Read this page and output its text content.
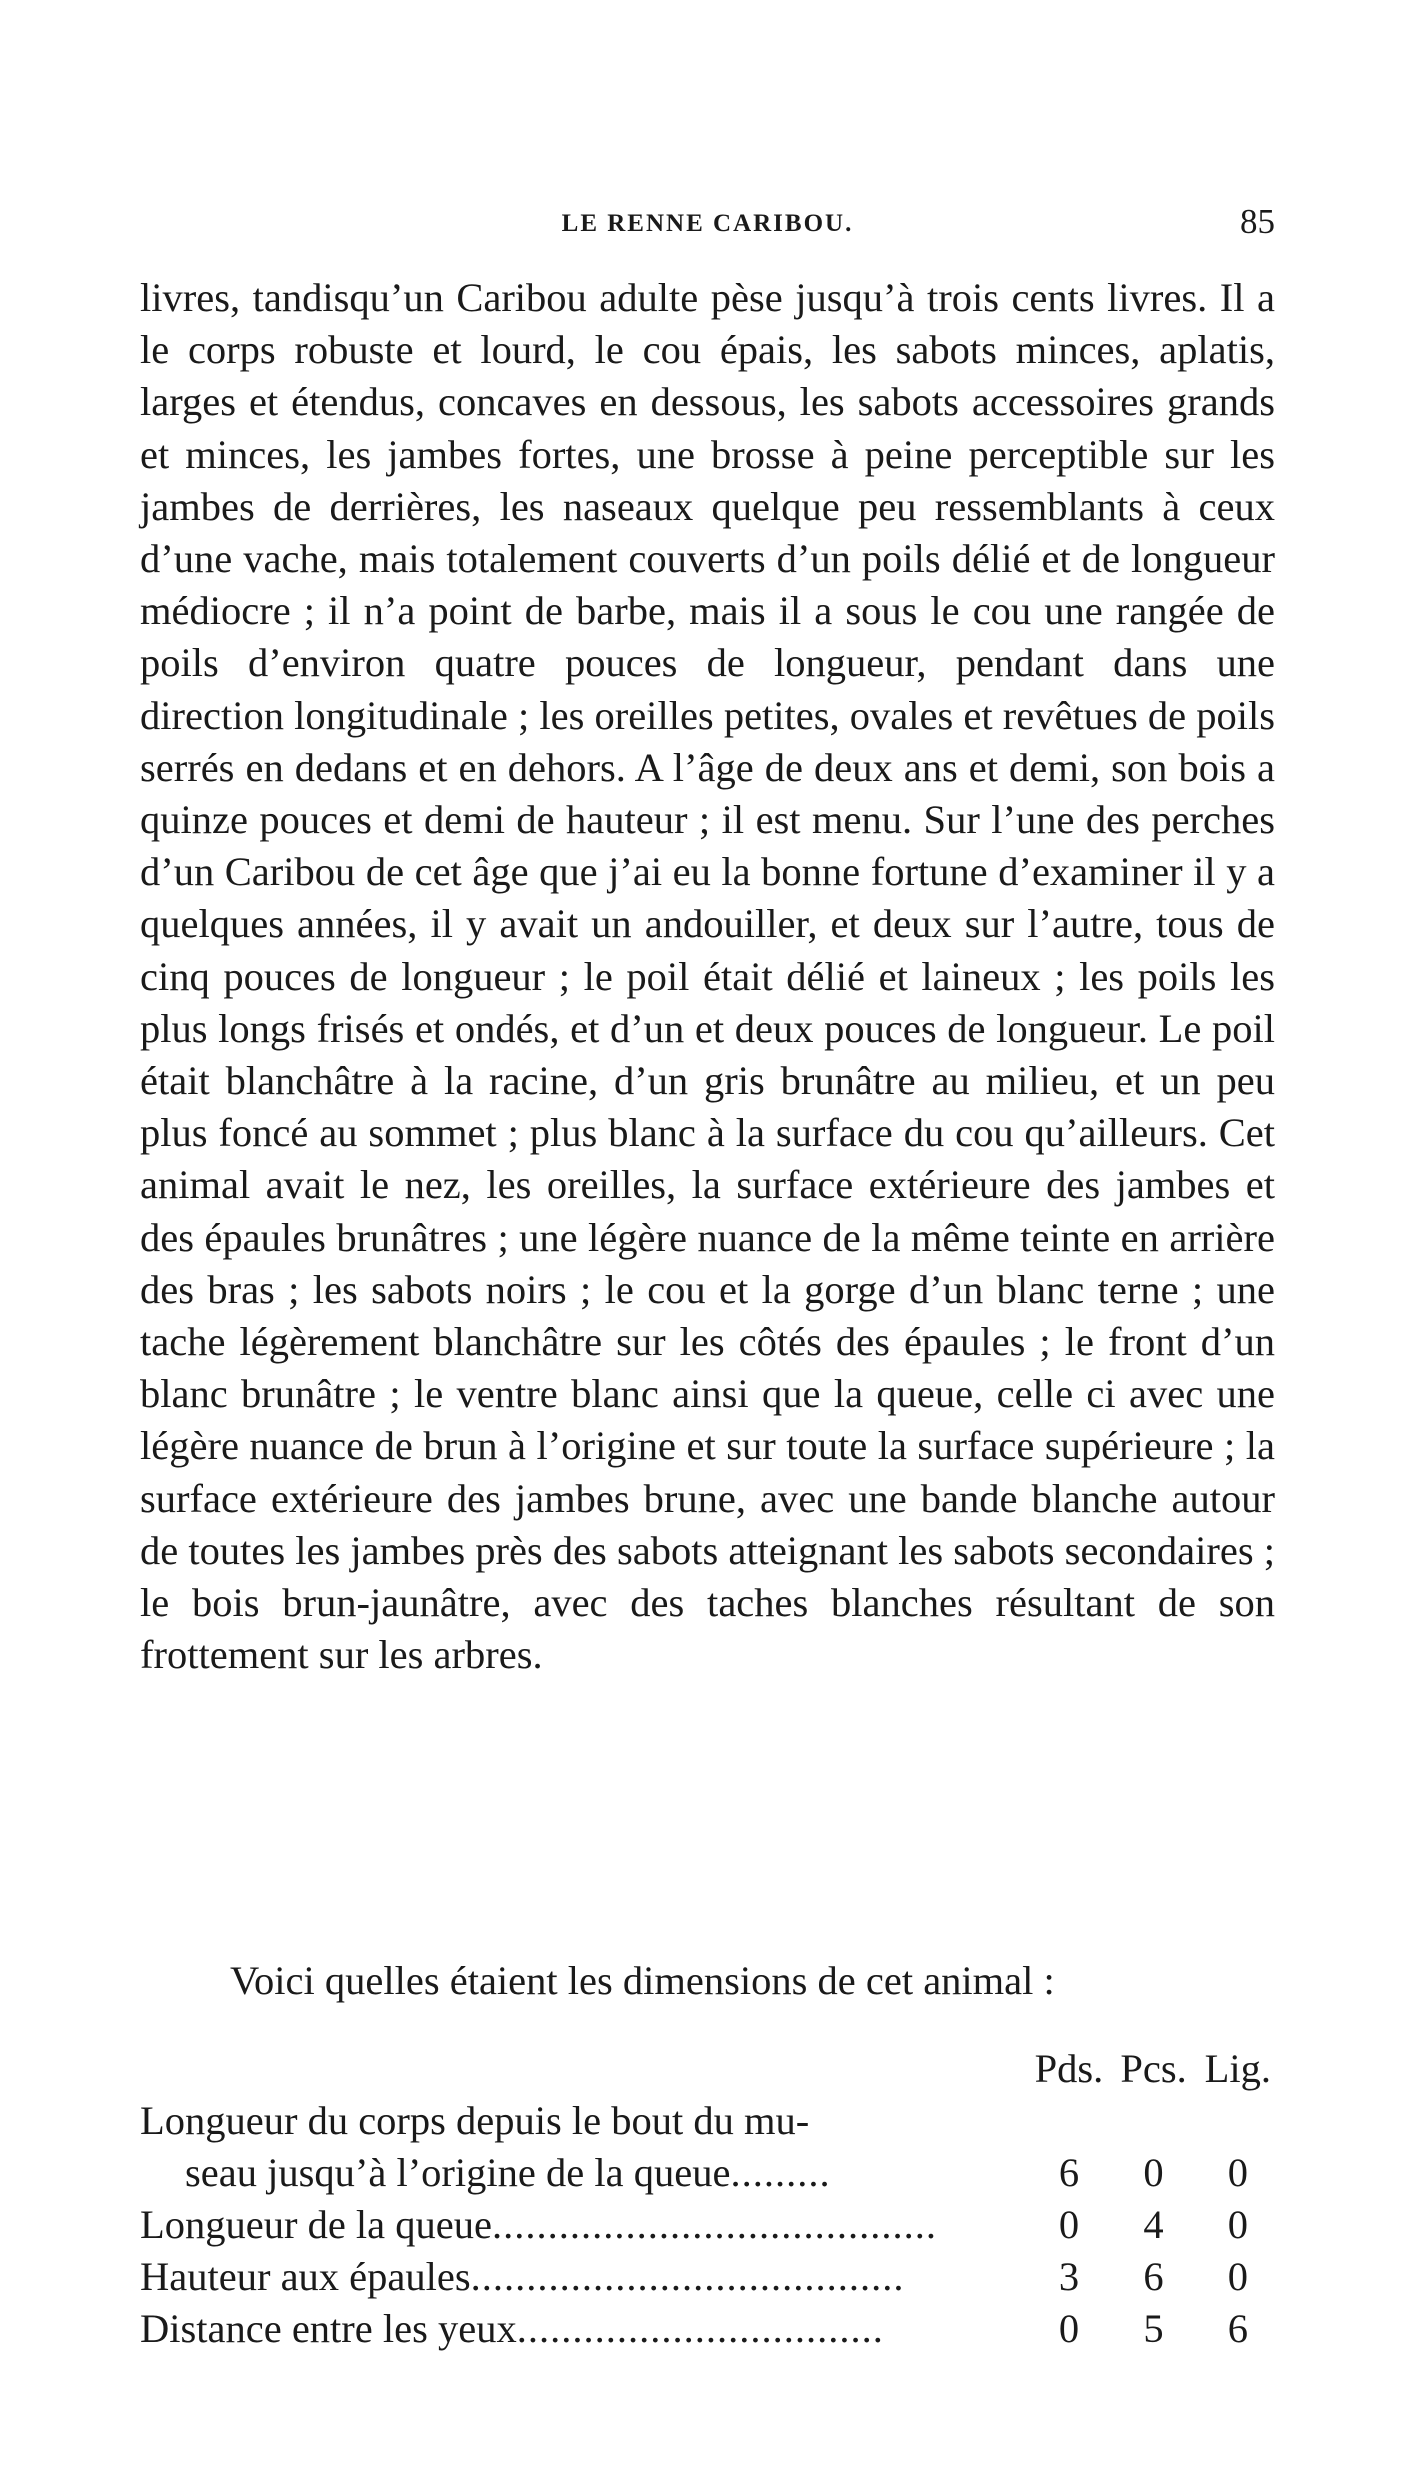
LE RENNE CARIBOU.	85

livres, tandisqu’un Caribou adulte pèse jusqu’à trois cents livres. Il a le corps robuste et lourd, le cou épais, les sabots minces, aplatis, larges et étendus, concaves en dessous, les sabots accessoires grands et minces, les jambes fortes, une brosse à peine perceptible sur les jambes de derrières, les naseaux quelque peu ressemblants à ceux d’une vache, mais totalement couverts d’un poils délié et de longueur médiocre ; il n’a point de barbe, mais il a sous le cou une rangée de poils d’environ quatre pouces de longueur, pendant dans une direction longitudinale ; les oreilles petites, ovales et revêtues de poils serrés en dedans et en dehors. A l’âge de deux ans et demi, son bois a quinze pouces et demi de hauteur ; il est menu. Sur l’une des perches d’un Caribou de cet âge que j’ai eu la bonne fortune d’examiner il y a quelques années, il y avait un andouiller, et deux sur l’autre, tous de cinq pouces de longueur ; le poil était délié et laineux ; les poils les plus longs frisés et ondés, et d’un et deux pouces de longueur. Le poil était blanchâtre à la racine, d’un gris brunâtre au milieu, et un peu plus foncé au sommet ; plus blanc à la surface du cou qu’ailleurs. Cet animal avait le nez, les oreilles, la surface extérieure des jambes et des épaules brunâtres ; une légère nuance de la même teinte en arrière des bras ; les sabots noirs ; le cou et la gorge d’un blanc terne ; une tache légèrement blanchâtre sur les côtés des épaules ; le front d’un blanc brunâtre ; le ventre blanc ainsi que la queue, celle ci avec une légère nuance de brun à l’origine et sur toute la surface supérieure ; la surface extérieure des jambes brune, avec une bande blanche autour de toutes les jambes près des sabots atteignant les sabots secondaires ; le bois brun-jaunâtre, avec des taches blanches résultant de son frottement sur les arbres.

Voici quelles étaient les dimensions de cet animal :

	Pds.	Pcs.	Lig.
Longueur du corps depuis le bout du mu-			
seau jusqu’à l’origine de la queue.........	6	0	0
Longueur de la queue........................................	0	4	0
Hauteur aux épaules.......................................	3	6	0
Distance entre les yeux.................................	0	5	6
